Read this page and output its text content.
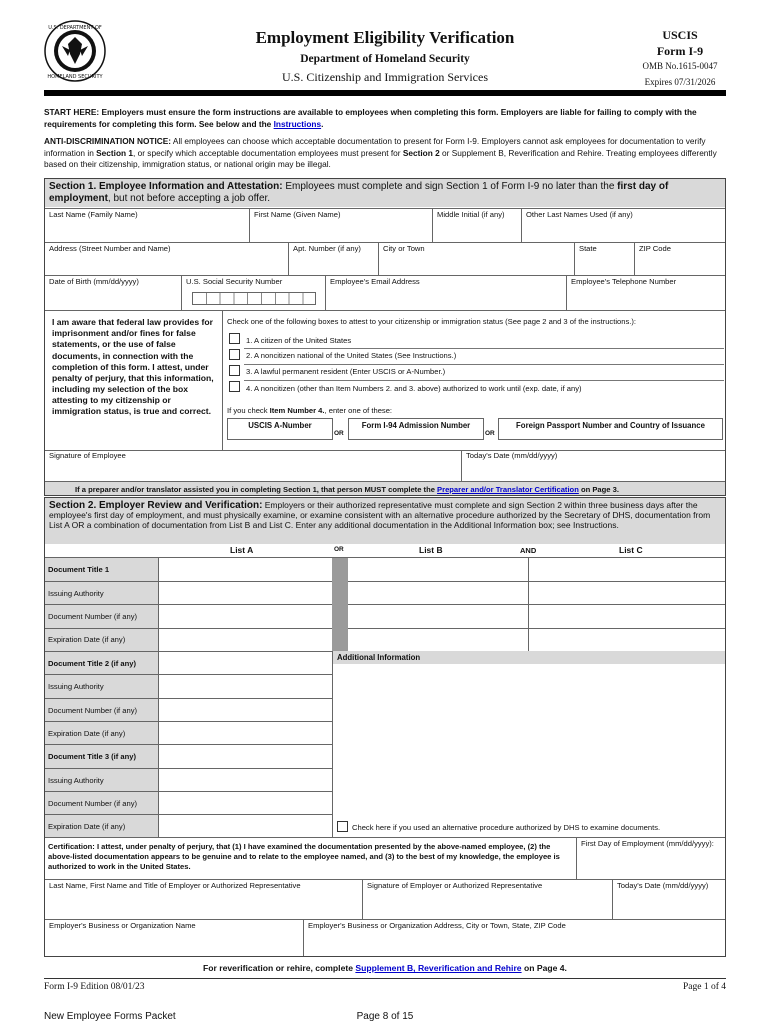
U.S. DEPARTMENT OF
HOMELAND SECURITY
Employment Eligibility Verification
Department of Homeland Security
U.S. Citizenship and Immigration Services
USCIS
Form I-9
OMB No.1615-0047
Expires 07/31/2026
START HERE: Employers must ensure the form instructions are available to employees when completing this form. Employers are liable for failing to comply with the requirements for completing this form. See below and the Instructions.
ANTI-DISCRIMINATION NOTICE: All employees can choose which acceptable documentation to present for Form I-9. Employers cannot ask employees for documentation to verify information in Section 1, or specify which acceptable documentation employees must present for Section 2 or Supplement B, Reverification and Rehire. Treating employees differently based on their citizenship, immigration status, or national origin may be illegal.
Section 1. Employee Information and Attestation: Employees must complete and sign Section 1 of Form I-9 no later than the first day of employment, but not before accepting a job offer.
Last Name (Family Name)	First Name (Given Name)	Middle Initial (if any)	Other Last Names Used (if any)
Address (Street Number and Name)	Apt. Number (if any)	City or Town	State	ZIP Code
Date of Birth (mm/dd/yyyy)	U.S. Social Security Number	Employee's Email Address	Employee's Telephone Number
I am aware that federal law provides for imprisonment and/or fines for false statements, or the use of false documents, in connection with the completion of this form. I attest, under penalty of perjury, that this information, including my selection of the box attesting to my citizenship or immigration status, is true and correct.
Check one of the following boxes to attest to your citizenship or immigration status (See page 2 and 3 of the instructions.):
1. A citizen of the United States
2. A noncitizen national of the United States (See Instructions.)
3. A lawful permanent resident (Enter USCIS or A-Number.)
4. A noncitizen (other than Item Numbers 2. and 3. above) authorized to work until (exp. date, if any)
If you check Item Number 4., enter one of these:
USCIS A-Number
OR
Form I-94 Admission Number
OR
Foreign Passport Number and Country of Issuance
Signature of Employee	Today's Date (mm/dd/yyyy)
If a preparer and/or translator assisted you in completing Section 1, that person MUST complete the Preparer and/or Translator Certification on Page 3.
Section 2. Employer Review and Verification: Employers or their authorized representative must complete and sign Section 2 within three business days after the employee's first day of employment, and must physically examine, or examine consistent with an alternative procedure authorized by the Secretary of DHS, documentation from List A OR a combination of documentation from List B and List C. Enter any additional documentation in the Additional Information box; see Instructions.
List A	OR	List B	AND	List C
Document Title 1
Issuing Authority
Document Number (if any)
Expiration Date (if any)
Document Title 2 (if any)
Issuing Authority
Document Number (if any)
Expiration Date (if any)
Document Title 3 (if any)
Issuing Authority
Document Number (if any)
Expiration Date (if any)
Additional Information
Check here if you used an alternative procedure authorized by DHS to examine documents.
Certification: I attest, under penalty of perjury, that (1) I have examined the documentation presented by the above-named employee, (2) the above-listed documentation appears to be genuine and to relate to the employee named, and (3) to the best of my knowledge, the employee is authorized to work in the United States.
First Day of Employment (mm/dd/yyyy):
Last Name, First Name and Title of Employer or Authorized Representative	Signature of Employer or Authorized Representative	Today's Date (mm/dd/yyyy)
Employer's Business or Organization Name	Employer's Business or Organization Address, City or Town, State, ZIP Code
For reverification or rehire, complete Supplement B, Reverification and Rehire on Page 4.
Form I-9 Edition 08/01/23	Page 1 of 4
New Employee Forms Packet	Page 8 of 15
